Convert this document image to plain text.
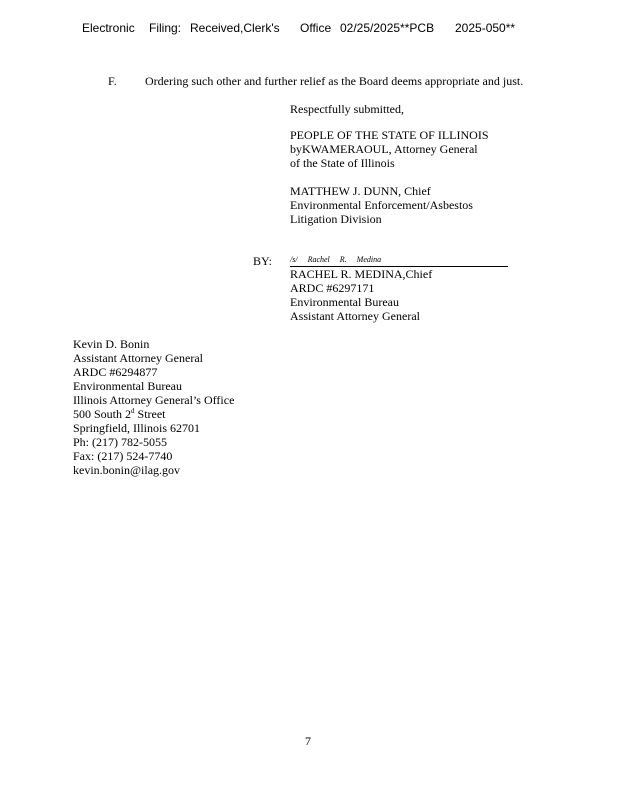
Electronic Filing: Received,Clerk's Office 02/25/2025**PCB 2025-050**
F. Ordering such other and further relief as the Board deems appropriate and just.
Respectfully submitted,
PEOPLE OF THE STATE OF ILLINOIS
byKWAMERAOUL, Attorney General
of the State of Illinois
MATTHEW J. DUNN, Chief
Environmental Enforcement/Asbestos
Litigation Division
BY: /s/ Rachel R. Medina
RACHEL R. MEDINA,Chief
ARDC #6297171
Environmental Bureau
Assistant Attorney General
Kevin D. Bonin
Assistant Attorney General
ARDC #6294877
Environmental Bureau
Illinois Attorney General’s Office
500 South 2$^d$ Street
Springfield, Illinois 62701
Ph: (217) 782-5055
Fax: (217) 524-7740
kevin.bonin@ilag.gov
7
